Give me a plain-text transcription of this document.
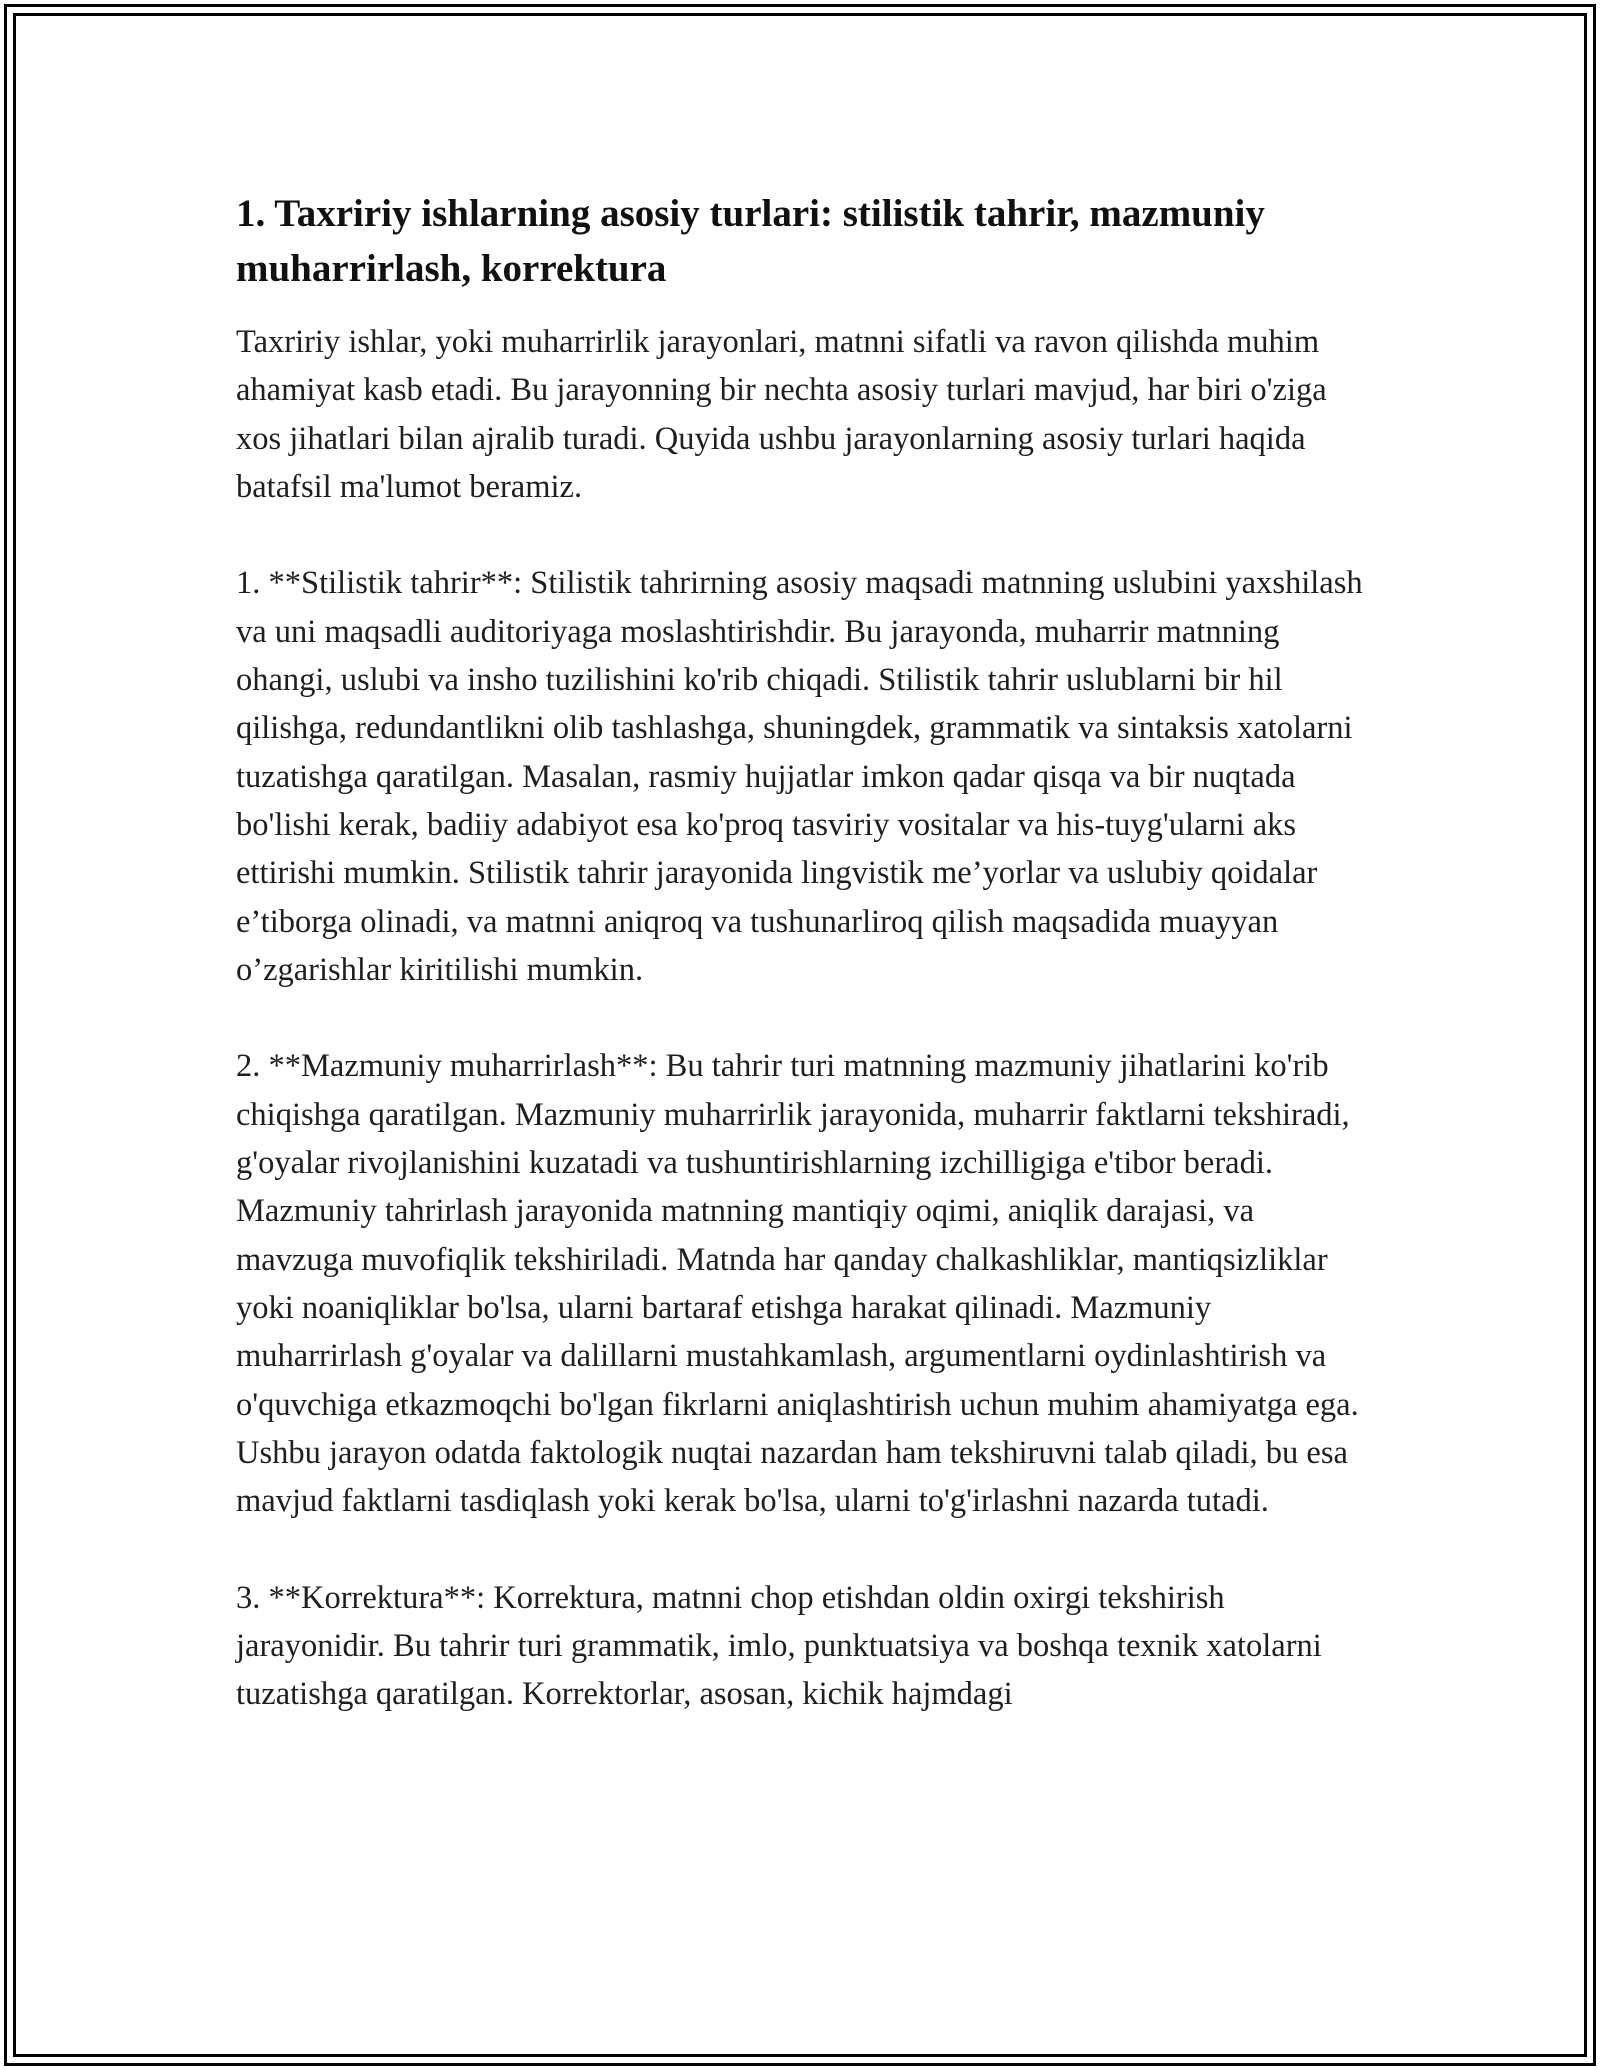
1. Taxririy ishlarning asosiy turlari: stilistik tahrir, mazmuniy muharrirlash, korrektura

Taxririy ishlar, yoki muharrirlik jarayonlari, matnni sifatli va ravon qilishda muhim ahamiyat kasb etadi. Bu jarayonning bir nechta asosiy turlari mavjud, har biri o'ziga xos jihatlari bilan ajralib turadi. Quyida ushbu jarayonlarning asosiy turlari haqida batafsil ma'lumot beramiz.

1. **Stilistik tahrir**: Stilistik tahrirning asosiy maqsadi matnning uslubini yaxshilash va uni maqsadli auditoriyaga moslashtirishdir. Bu jarayonda, muharrir matnning ohangi, uslubi va insho tuzilishini ko'rib chiqadi. Stilistik tahrir uslublarni bir hil qilishga, redundantlikni olib tashlashga, shuningdek, grammatik va sintaksis xatolarni tuzatishga qaratilgan. Masalan, rasmiy hujjatlar imkon qadar qisqa va bir nuqtada bo'lishi kerak, badiiy adabiyot esa ko'proq tasviriy vositalar va his-tuyg'ularni aks ettirishi mumkin. Stilistik tahrir jarayonida lingvistik me’yorlar va uslubiy qoidalar e’tiborga olinadi, va matnni aniqroq va tushunarliroq qilish maqsadida muayyan o’zgarishlar kiritilishi mumkin.

2. **Mazmuniy muharrirlash**: Bu tahrir turi matnning mazmuniy jihatlarini ko'rib chiqishga qaratilgan. Mazmuniy muharrirlik jarayonida, muharrir faktlarni tekshiradi, g'oyalar rivojlanishini kuzatadi va tushuntirishlarning izchilligiga e'tibor beradi. Mazmuniy tahrirlash jarayonida matnning mantiqiy oqimi, aniqlik darajasi, va mavzuga muvofiqlik tekshiriladi. Matnda har qanday chalkashliklar, mantiqsizliklar yoki noaniqliklar bo'lsa, ularni bartaraf etishga harakat qilinadi. Mazmuniy muharrirlash g'oyalar va dalillarni mustahkamlash, argumentlarni oydinlashtirish va o'quvchiga etkazmoqchi bo'lgan fikrlarni aniqlashtirish uchun muhim ahamiyatga ega. Ushbu jarayon odatda faktologik nuqtai nazardan ham tekshiruvni talab qiladi, bu esa mavjud faktlarni tasdiqlash yoki kerak bo'lsa, ularni to'g'irlashni nazarda tutadi.

3. **Korrektura**: Korrektura, matnni chop etishdan oldin oxirgi tekshirish jarayonidir. Bu tahrir turi grammatik, imlo, punktuatsiya va boshqa texnik xatolarni tuzatishga qaratilgan. Korrektorlar, asosan, kichik hajmdagi
